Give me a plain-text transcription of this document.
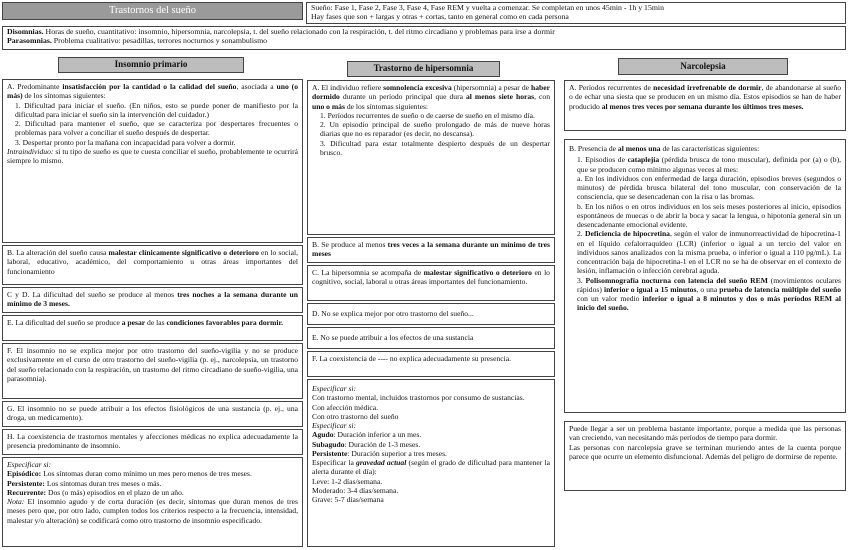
Trastornos del sueño	Sueño: Fase 1, Fase 2, Fase 3, Fase 4, Fase REM y vuelta a comenzar. Se completan en unos 45min - 1h y 15min

Hay fases que son + largas y otras + cortas, tanto en general como en cada persona

Disomnias. Horas de sueño, cuantitativo: insomnio, hipersomnia, narcolepsia, t. del sueño relacionado con la respiración, t. del ritmo circadiano y problemas para irse a dormir

Parasomnias. Problema cualitativo: pesadillas, terrores nocturnos y sonambulismo

Insomnio primario

A. Predominante insatisfacción por la cantidad o la calidad del sueño, asociada a uno (o más) de los síntomas siguientes:

1. Dificultad para iniciar el sueño. (En niños, esto se puede poner de manifiesto por la dificultad para iniciar el sueño sin la intervención del cuidador.)

2. Dificultad para mantener el sueño, que se caracteriza por despertares frecuentes o problemas para volver a conciliar el sueño después de despertar.

3. Despertar pronto por la mañana con incapacidad para volver a dormir.

Intraindividuo: si tu tipo de sueño es que te cuesta conciliar el sueño, probablemente te ocurrirá siempre lo mismo.

B. La alteración del sueño causa malestar clínicamente significativo o deterioro en lo social, laboral, educativo, académico, del comportamiento u otras áreas importantes del funcionamiento

C y D. La dificultad del sueño se produce al menos tres noches a la semana durante un mínimo de 3 meses.

E. La dificultad del sueño se produce a pesar de las condiciones favorables para dormir.

F. El insomnio no se explica mejor por otro trastorno del sueño-vigilia y no se produce exclusivamente en el curso de otro trastorno del sueño-vigilia (p. ej., narcolepsia, un trastorno del sueño relacionado con la respiración, un trastorno del ritmo circadiano de sueño-vigilia, una parasomnia).

G. El insomnio no se puede atribuir a los efectos fisiológicos de una sustancia (p. ej., una droga, un medicamento).

H. La coexistencia de trastornos mentales y afecciones médicas no explica adecuadamente la presencia predominante de insomnio.

Especificar si:

Episódico: Los síntomas duran como mínimo un mes pero menos de tres meses.

Persistente: Los síntomas duran tres meses o más.

Recurrente: Dos (o más) episodios en el plazo de un año.

Nota: El insomnio agudo y de corta duración (es decir, síntomas que duran menos de tres meses pero que, por otro lado, cumplen todos los criterios respecto a la frecuencia, intensidad, malestar y/o alteración) se codificará como otro trastorno de insomnio especificado.

Trastorno de hipersomnia

A. El individuo refiere somnolencia excesiva (hipersomnia) a pesar de haber dormido durante un período principal que dura al menos siete horas, con uno o más de los síntomas siguientes:

1. Períodos recurrentes de sueño o de caerse de sueño en el mismo día.

2. Un episodio principal de sueño prolongado de más de nueve horas diarias que no es reparador (es decir, no descansa).

3. Dificultad para estar totalmente despierto después de un despertar brusco.

B. Se produce al menos tres veces a la semana durante un mínimo de tres meses

C. La hipersomnia se acompaña de malestar significativo o deterioro en lo cognitivo, social, laboral u otras áreas importantes del funcionamiento.

D. No se explica mejor por otro trastorno del sueño...

E. No se puede atribuir a los efectos de una sustancia

F. La coexistencia de ---- no explica adecuadamente su presencia.

Especificar si:

Con trastorno mental, incluidos trastornos por consumo de sustancias.

Con afección médica.

Con otro trastorno del sueño

Especificar si:

Agudo: Duración inferior a un mes.

Subagudo: Duración de 1-3 meses.

Persistente: Duración superior a tres meses.

Especificar la gravedad actual (según el grado de dificultad para mantener la alerta durante el día):

Leve: 1-2 días/semana.

Moderado: 3-4 días/semana.

Grave: 5-7 días/semana

Narcolepsia

A. Períodos recurrentes de necesidad irrefrenable de dormir, de abandonarse al sueño o de echar una siesta que se producen en un mismo día. Estos episodios se han de haber producido al menos tres veces por semana durante los últimos tres meses.

B. Presencia de al menos una de las características siguientes:

1. Episodios de cataplejía (pérdida brusca de tono muscular), definida por (a) o (b), que se producen como mínimo algunas veces al mes:

a. En los individuos con enfermedad de larga duración, episodios breves (segundos o minutos) de pérdida brusca bilateral del tono muscular, con conservación de la consciencia, que se desencadenan con la risa o las bromas.

b. En los niños o en otros individuos en los seis meses posteriores al inicio, episodios espontáneos de muecas o de abrir la boca y sacar la lengua, o hipotonía general sin un desencadenante emocional evidente.

2. Deficiencia de hipocretina, según el valor de inmunorreactividad de hipocretina-1 en el líquido cefalorraquídeo (LCR) (inferior o igual a un tercio del valor en individuos sanos analizados con la misma prueba, o inferior o igual a 110 pg/mL). La concentración baja de hipocretina-1 en el LCR no se ha de observar en el contexto de lesión, inflamación o infección cerebral aguda.

3. Polisomnografía nocturna con latencia del sueño REM (movimientos oculares rápidos) inferior o igual a 15 minutos, o una prueba de latencia múltiple del sueño con un valor medio inferior o igual a 8 minutos y dos o más períodos REM al inicio del sueño.

Puede llegar a ser un problema bastante importante, porque a medida que las personas van creciendo, van necesitando más períodos de tiempo para dormir.

Las personas con narcolepsia grave se terminan muriendo antes de la cuenta porque parece que ocurre un elemento disfuncional. Además del peligro de dormirse de repente.
